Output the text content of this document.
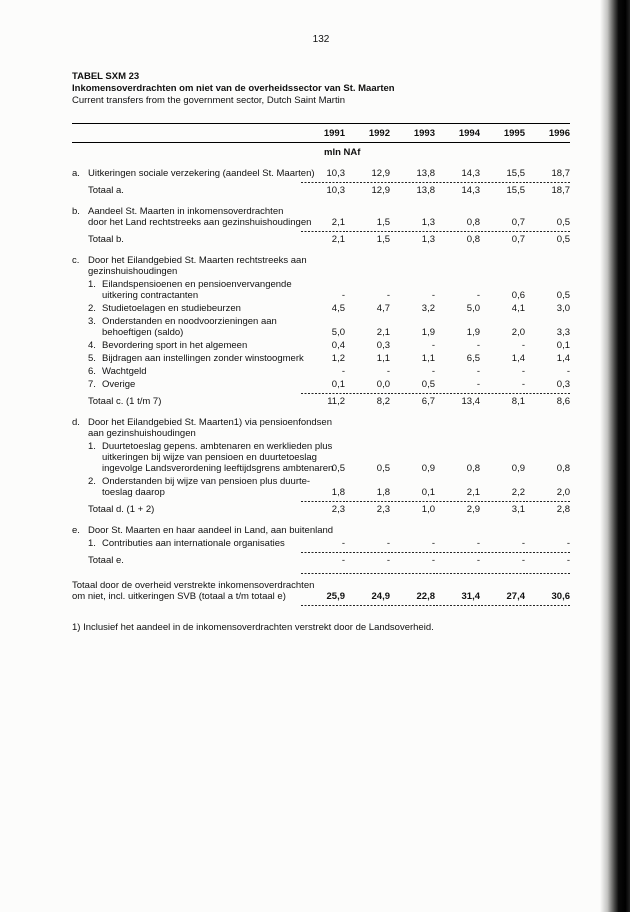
132
TABEL SXM 23
Inkomensoverdrachten om niet van de overheidssector van St. Maarten
Current transfers from the government sector, Dutch Saint Martin
1991	1992	1993	1994	1995	1996
mln NAf
a. Uitkeringen sociale verzekering (aandeel St. Maarten)	10,3	12,9	13,8	14,3	15,5	18,7
Totaal a.	10,3	12,9	13,8	14,3	15,5	18,7
b. Aandeel St. Maarten in inkomensoverdrachten
door het Land rechtstreeks aan gezinshuishoudingen	2,1	1,5	1,3	0,8	0,7	0,5
Totaal b.	2,1	1,5	1,3	0,8	0,7	0,5
c. Door het Eilandgebied St. Maarten rechtstreeks aan
gezinshuishoudingen
1. Eilandspensioenen en pensioenvervangende
uitkering contractanten	-	-	-	-	0,6	0,5
2. Studietoelagen en studiebeurzen	4,5	4,7	3,2	5,0	4,1	3,0
3. Onderstanden en noodvoorzieningen aan
behoeftigen (saldo)	5,0	2,1	1,9	1,9	2,0	3,3
4. Bevordering sport in het algemeen	0,4	0,3	-	-	-	0,1
5. Bijdragen aan instellingen zonder winstoogmerk	1,2	1,1	1,1	6,5	1,4	1,4
6. Wachtgeld	-	-	-	-	-	-
7. Overige	0,1	0,0	0,5	-	-	0,3
Totaal c. (1 t/m 7)	11,2	8,2	6,7	13,4	8,1	8,6
d. Door het Eilandgebied St. Maarten1) via pensioenfondsen
aan gezinshuishoudingen
1. Duurtetoeslag gepens. ambtenaren en werklieden plus
uitkeringen bij wijze van pensioen en duurtetoeslag
ingevolge Landsverordening leeftijdsgrens ambtenaren
0,5	0,5	0,9	0,8	0,9	0,8
2. Onderstanden bij wijze van pensioen plus duurte-
toeslag daarop	1,8	1,8	0,1	2,1	2,2	2,0
Totaal d. (1 + 2)	2,3	2,3	1,0	2,9	3,1	2,8
e. Door St. Maarten en haar aandeel in Land, aan buitenland
1. Contributies aan internationale organisaties	-	-	-	-	-	-
Totaal e.	-	-	-	-	-	-
Totaal door de overheid verstrekte inkomensoverdrachten
om niet, incl. uitkeringen SVB (totaal a t/m totaal e)	25,9	24,9	22,8	31,4	27,4	30,6
1) Inclusief het aandeel in de inkomensoverdrachten verstrekt door de Landsoverheid.
